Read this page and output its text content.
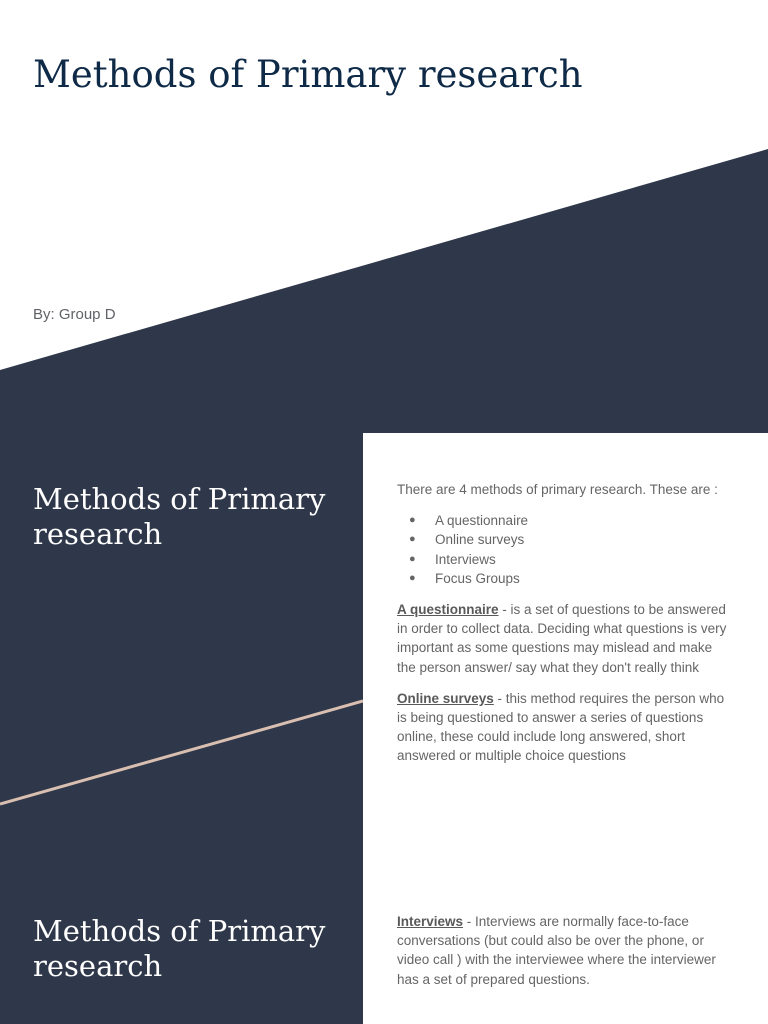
Methods of Primary research

By: Group D

Methods of Primary research

There are 4 methods of primary research. These are :

● A questionnaire
● Online surveys
● Interviews
● Focus Groups

A questionnaire - is a set of questions to be answered in order to collect data. Deciding what questions is very important as some questions may mislead and make the person answer/ say what they don't really think

Online surveys - this method requires the person who is being questioned to answer a series of questions online, these could include long answered, short answered or multiple choice questions

Methods of Primary research

Interviews - Interviews are normally face-to-face conversations (but could also be over the phone, or video call ) with the interviewee where the interviewer has a set of prepared questions.
